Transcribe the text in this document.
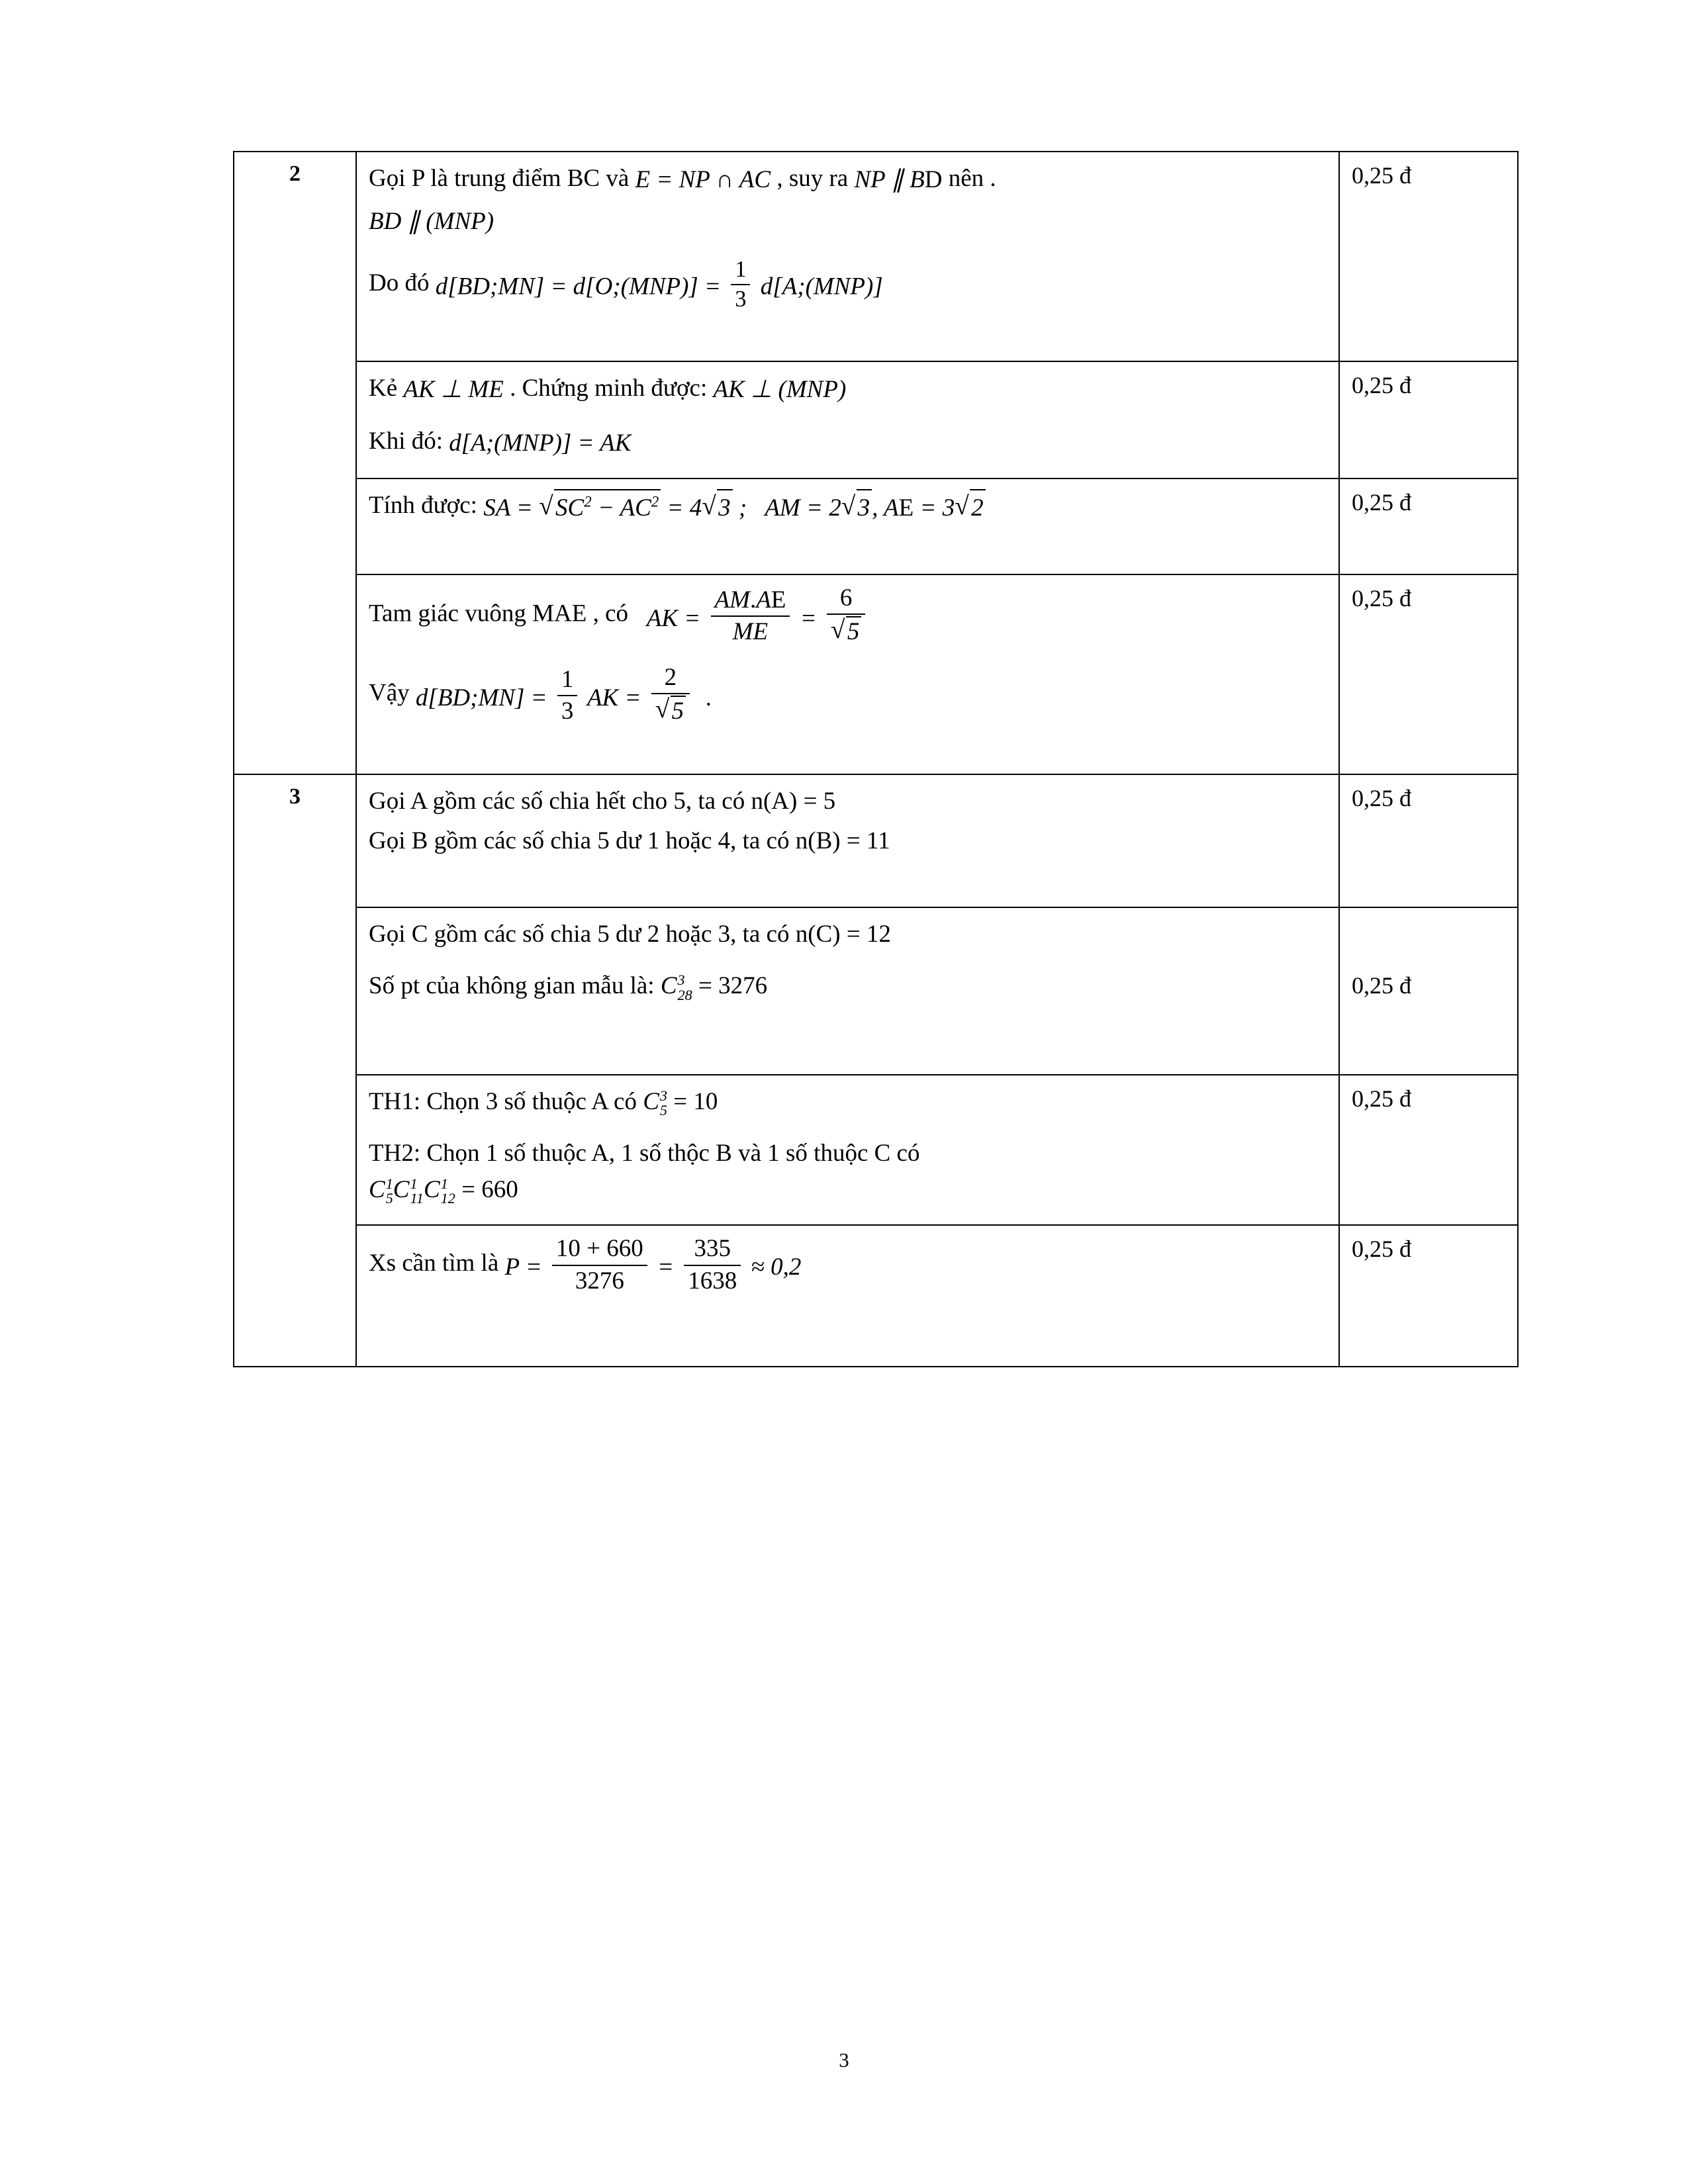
2	Gọi P là trung điểm BC và E = NP ∩ AC , suy ra NP ∥ BD nên .
BD ∥ (MNP)
Do đó d[BD;MN] = d[O;(MNP)] = $\frac{1}{3}$ d[A;(MNP)]
	0,25 đ

	Kẻ AK ⊥ ME . Chứng minh được: AK ⊥ (MNP)
Khi đó: d[A;(MNP)] = AK	0,25 đ

	Tính được: SA = √ $SC^2 - AC^2 = 4$ √ 3 ;   AM = 2 √ 3, AE = 3 √ 2	0,25 đ

Tam giác vuông MAE , có AK = $\frac{AM.AE}{ME} = 6$
√ 5
Vậy d[BD;MN] = $\frac{1}{3}$ AK = 2
√ 5 .
	0,25 đ
3	Gọi A gồm các số chia hết cho 5, ta có n(A) = 5
Gọi B gồm các số chia 5 dư 1 hoặc 4, ta có n(B) = 11	0,25 đ

	Gọi C gồm các số chia 5 dư 2 hoặc 3, ta có n(C) = 12
Số pt của không gian mẫu là: C 3
28 = 3276	0,25 đ

TH1: Chọn 3 số thuộc A có C 3
5 = 10
TH2: Chọn 1 số thuộc A, 1 số thộc B và 1 số thuộc C có
C 1
5 C 1
11 C 1
12 = 660
	0,25 đ

Xs cần tìm là $P = \frac{10 + 660}{3276} = \frac{335}{1638} \approx 0,2$
	0,25 đ
3
